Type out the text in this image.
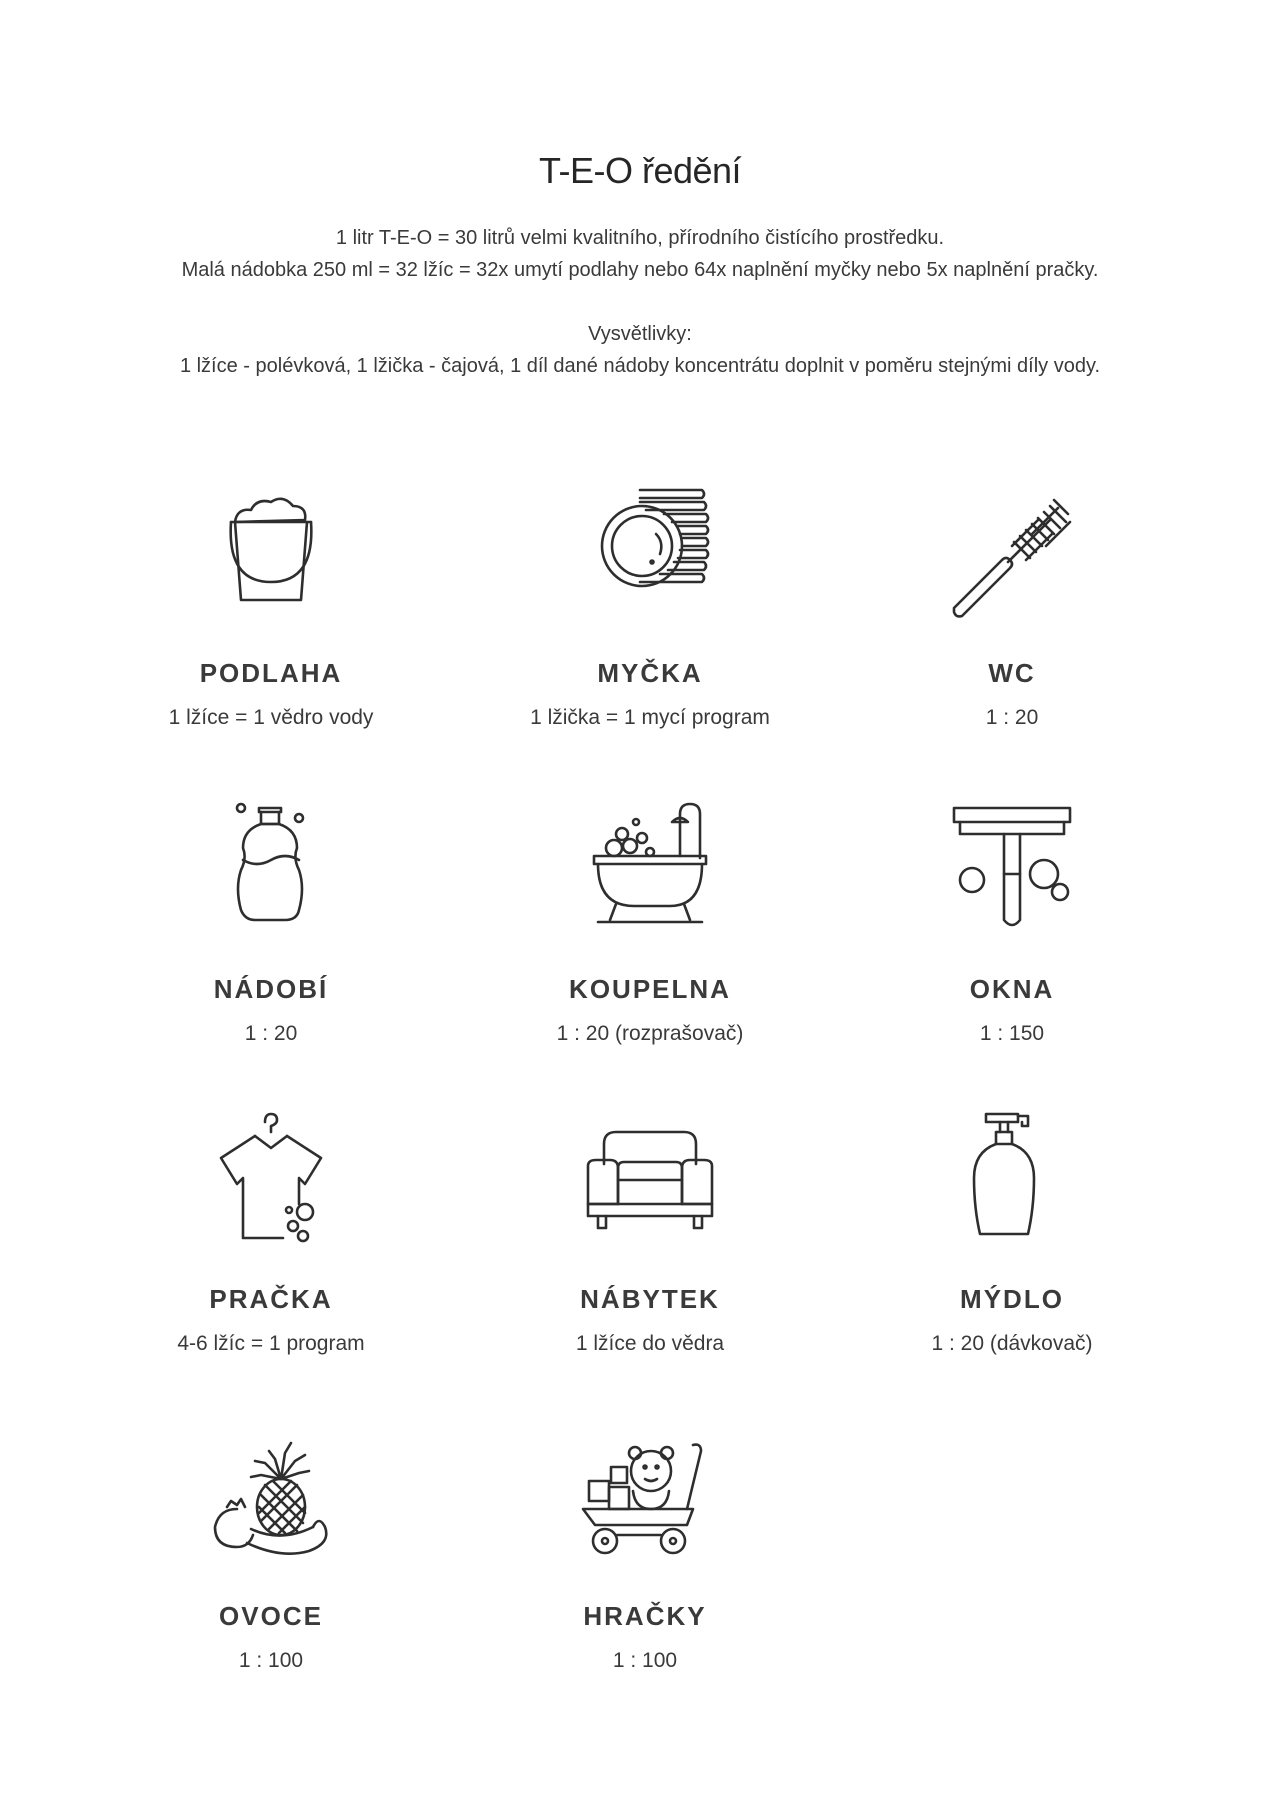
T-E-O ředění

1 litr T-E-O = 30 litrů velmi kvalitního, přírodního čistícího prostředku.

Malá nádobka 250 ml = 32 lžíc = 32x umytí podlahy nebo 64x naplnění myčky nebo 5x naplnění pračky.

Vysvětlivky:

1 lžíce - polévková, 1 lžička - čajová, 1 díl dané nádoby koncentrátu doplnit v poměru stejnými díly vody.

PODLAHA
1 lžíce = 1 vědro vody
MYČKA
1 lžička = 1 mycí program
WC
1 : 20
NÁDOBÍ
1 : 20
KOUPELNA
1 : 20 (rozprašovač)
OKNA
1 : 150
PRAČKA
4-6 lžíc = 1 program
NÁBYTEK
1 lžíce do vědra
MÝDLO
1 : 20 (dávkovač)
OVOCE
1 : 100
HRAČKY
1 : 100
